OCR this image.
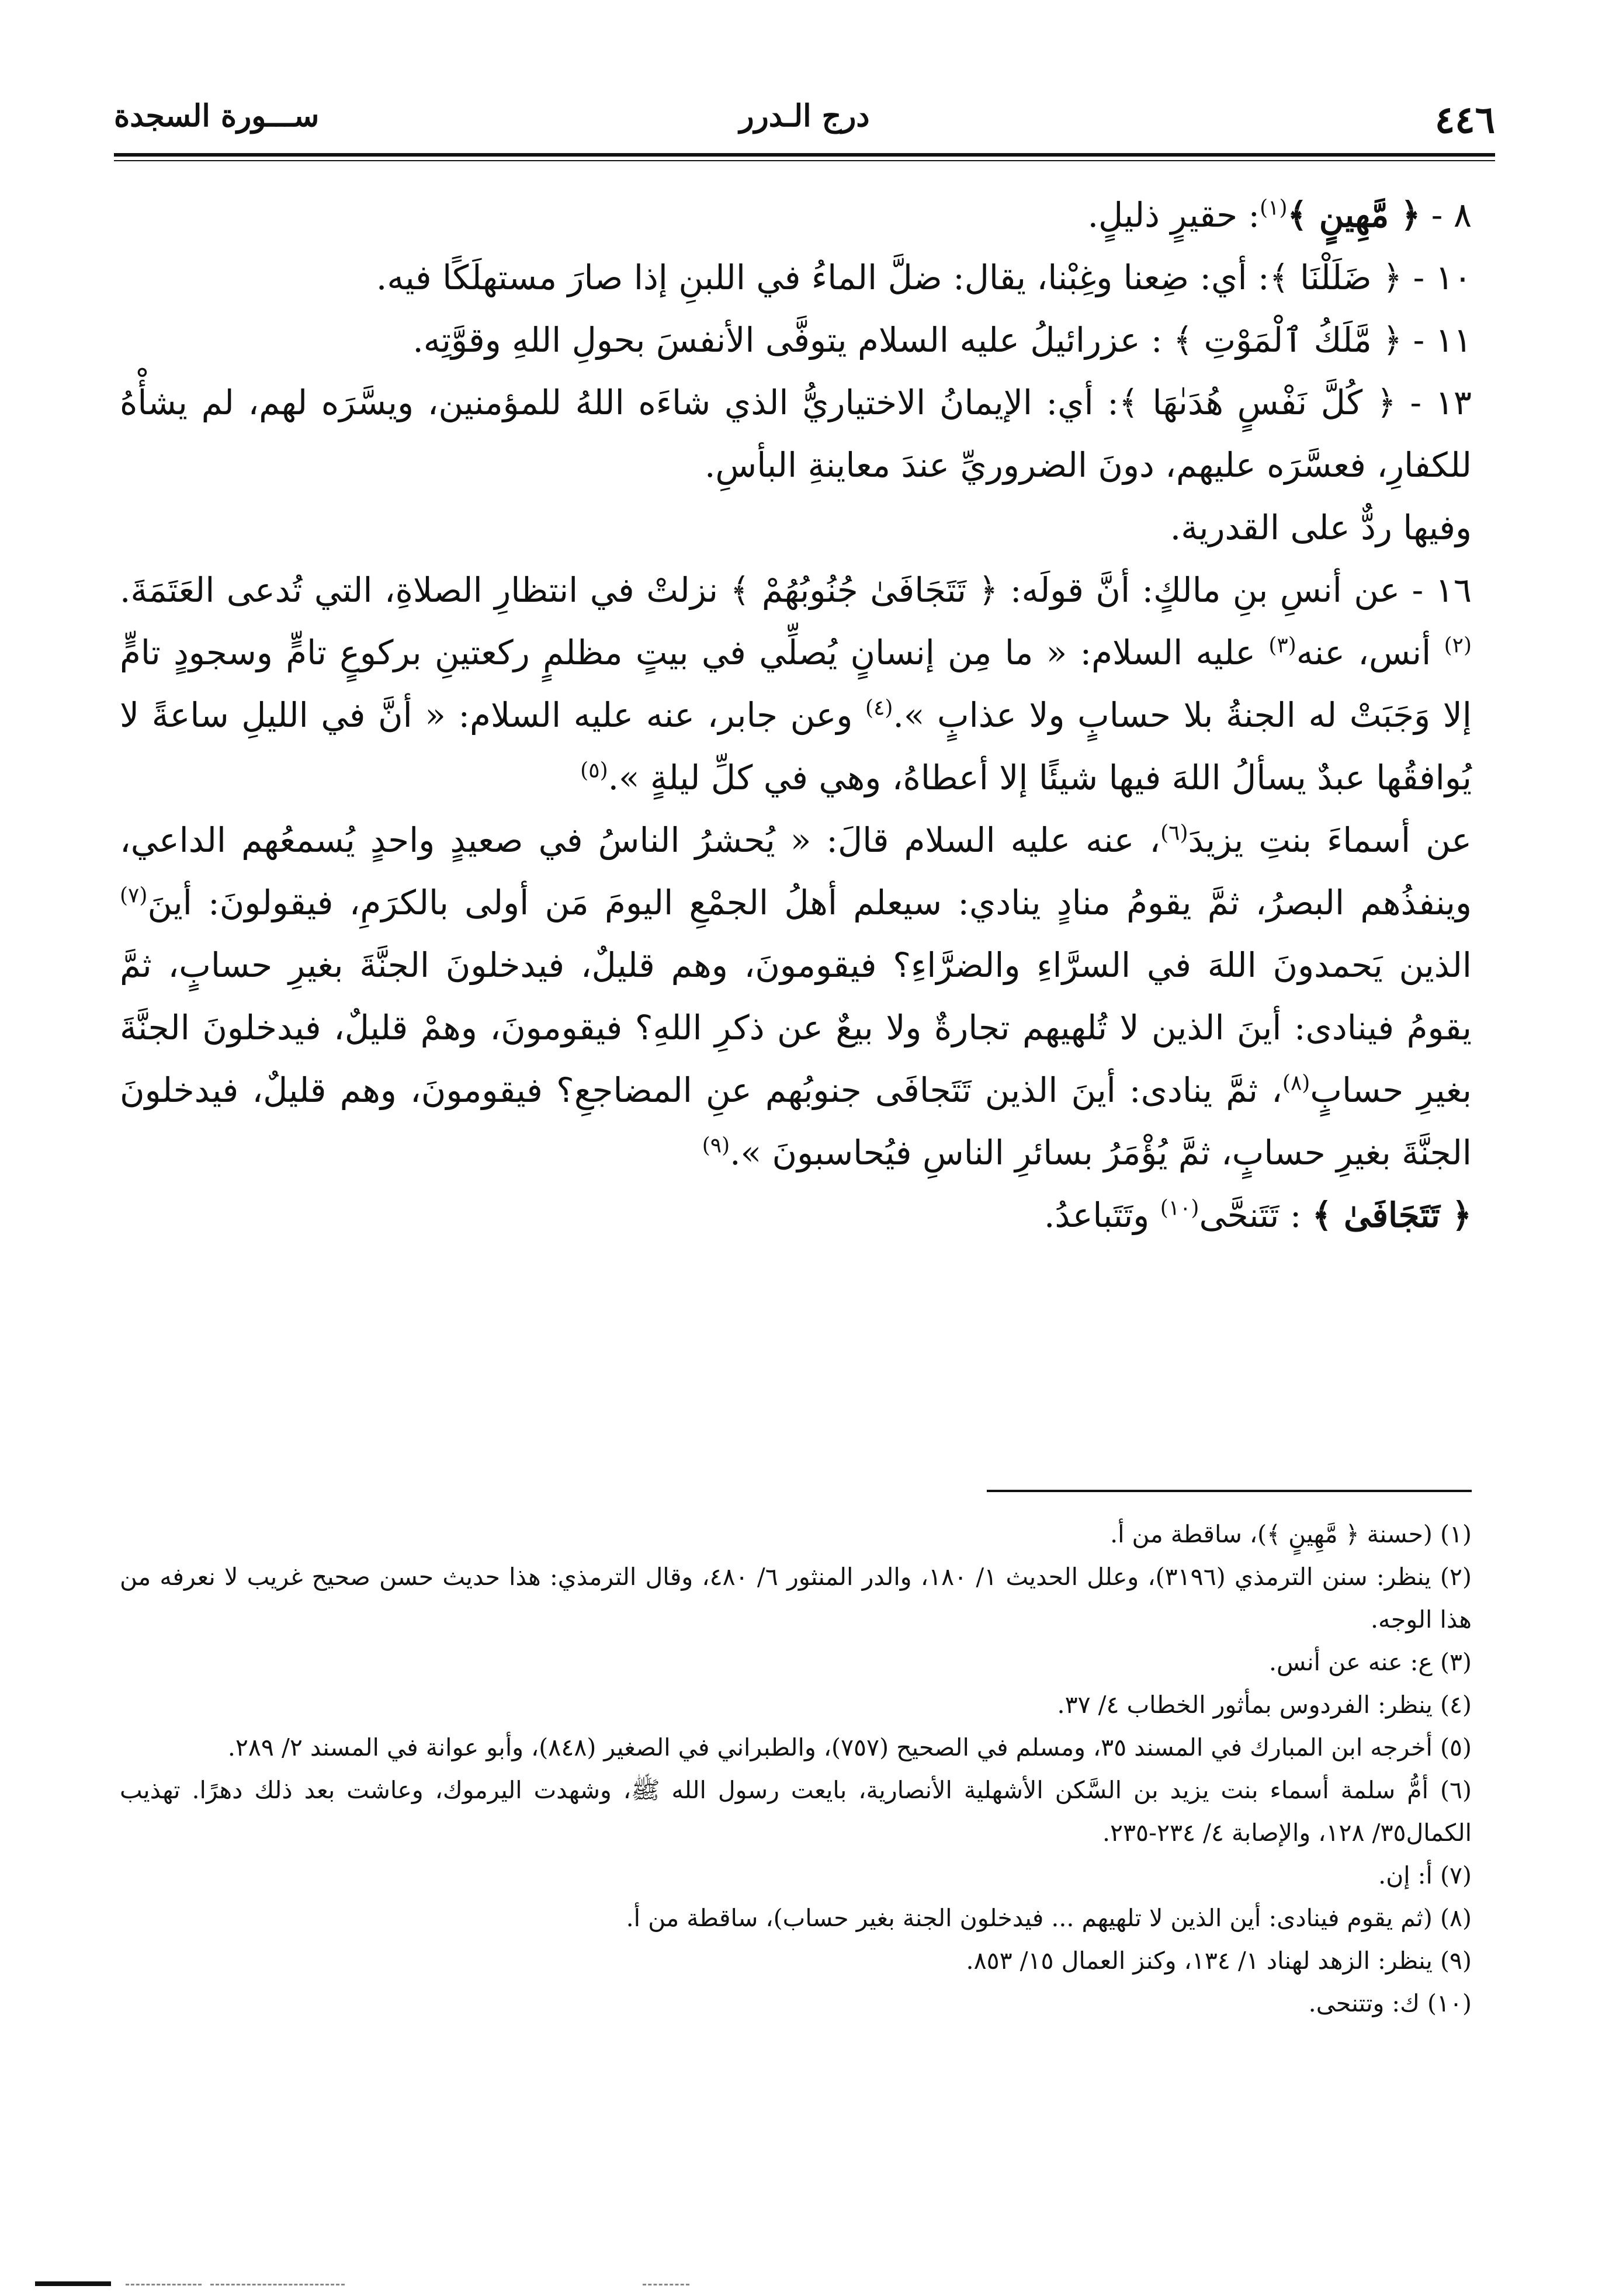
٤٤٦
درج الـدرر
ســـورة السجدة

٨ - ﴿ مَّهِينٍ ﴾$^{(١)}$: حقيرٍ ذليلٍ.

١٠ - ﴿ ضَلَلْنَا ﴾: أي: ضِعنا وغِبْنا، يقال: ضلَّ الماءُ في اللبنِ إذا صارَ مستهلَكًا فيه.

١١ - ﴿ مَّلَكُ ٱلْمَوْتِ ﴾ : عزرائيلُ عليه السلام يتوفَّى الأنفسَ بحولِ اللهِ وقوَّتِه.

١٣ - ﴿ كُلَّ نَفْسٍ هُدَىٰهَا ﴾: أي: الإيمانُ الاختياريُّ الذي شاءَه اللهُ للمؤمنين، ويسَّرَه لهم، لم يشأْهُ للكفارِ، فعسَّرَه عليهم، دونَ الضروريِّ عندَ معاينةِ البأسِ.

وفيها ردٌّ على القدرية.

١٦ - عن أنسِ بنِ مالكٍ: أنَّ قولَه: ﴿ تَتَجَافَىٰ جُنُوبُهُمْ ﴾ نزلتْ في انتظارِ الصلاةِ، التي تُدعى العَتَمَةَ.$^{(٢)}$ أنس، عنه$^{(٣)}$ عليه السلام: « ما مِن إنسانٍ يُصلِّي في بيتٍ مظلمٍ ركعتينِ بركوعٍ تامٍّ وسجودٍ تامٍّ إلا وَجَبَتْ له الجنةُ بلا حسابٍ ولا عذابٍ ».$^{(٤)}$ وعن جابر، عنه عليه السلام: « أنَّ في الليلِ ساعةً لا يُوافقُها عبدٌ يسألُ اللهَ فيها شيئًا إلا أعطاهُ، وهي في كلِّ ليلةٍ ».$^{(٥)}$

عن أسماءَ بنتِ يزيدَ$^{(٦)}$، عنه عليه السلام قالَ: « يُحشرُ الناسُ في صعيدٍ واحدٍ يُسمعُهم الداعي، وينفذُهم البصرُ، ثمَّ يقومُ منادٍ ينادي: سيعلم أهلُ الجمْعِ اليومَ مَن أولى بالكرَمِ، فيقولونَ: أينَ$^{(٧)}$ الذين يَحمدونَ اللهَ في السرَّاءِ والضرَّاءِ؟ فيقومونَ، وهم قليلٌ، فيدخلونَ الجنَّةَ بغيرِ حسابٍ، ثمَّ يقومُ فينادى: أينَ الذين لا تُلهيهم تجارةٌ ولا بيعٌ عن ذكرِ اللهِ؟ فيقومونَ، وهمْ قليلٌ، فيدخلونَ الجنَّةَ بغيرِ حسابٍ$^{(٨)}$، ثمَّ ينادى: أينَ الذين تَتَجافَى جنوبُهم عنِ المضاجعِ؟ فيقومونَ، وهم قليلٌ، فيدخلونَ الجنَّةَ بغيرِ حسابٍ، ثمَّ يُؤْمَرُ بسائرِ الناسِ فيُحاسبونَ ».$^{(٩)}$

﴿ تَتَجَافَىٰ ﴾ : تَتَنحَّى$^{(١٠)}$ وتَتَباعدُ.

(١) (حسنة ﴿ مَّهِينٍ ﴾)، ساقطة من أ.

(٢) ينظر: سنن الترمذي (٣١٩٦)، وعلل الحديث ١/ ١٨٠، والدر المنثور ٦/ ٤٨٠، وقال الترمذي: هذا حديث حسن صحيح غريب لا نعرفه من هذا الوجه.

(٣) ع: عنه عن أنس.

(٤) ينظر: الفردوس بمأثور الخطاب ٤/ ٣٧.

(٥) أخرجه ابن المبارك في المسند ٣٥، ومسلم في الصحيح (٧٥٧)، والطبراني في الصغير (٨٤٨)، وأبو عوانة في المسند ٢/ ٢٨٩.

(٦) أمُّ سلمة أسماء بنت يزيد بن السَّكن الأشهلية الأنصارية، بايعت رسول الله ﷺ، وشهدت اليرموك، وعاشت بعد ذلك دهرًا. تهذيب الكمال٣٥/ ١٢٨، والإصابة ٤/ ٢٣٤-٢٣٥.

(٧) أ: إن.

(٨) (ثم يقوم فينادى: أين الذين لا تلهيهم ... فيدخلون الجنة بغير حساب)، ساقطة من أ.

(٩) ينظر: الزهد لهناد ١/ ١٣٤، وكنز العمال ١٥/ ٨٥٣.

(١٠) ك: وتتنحى.
